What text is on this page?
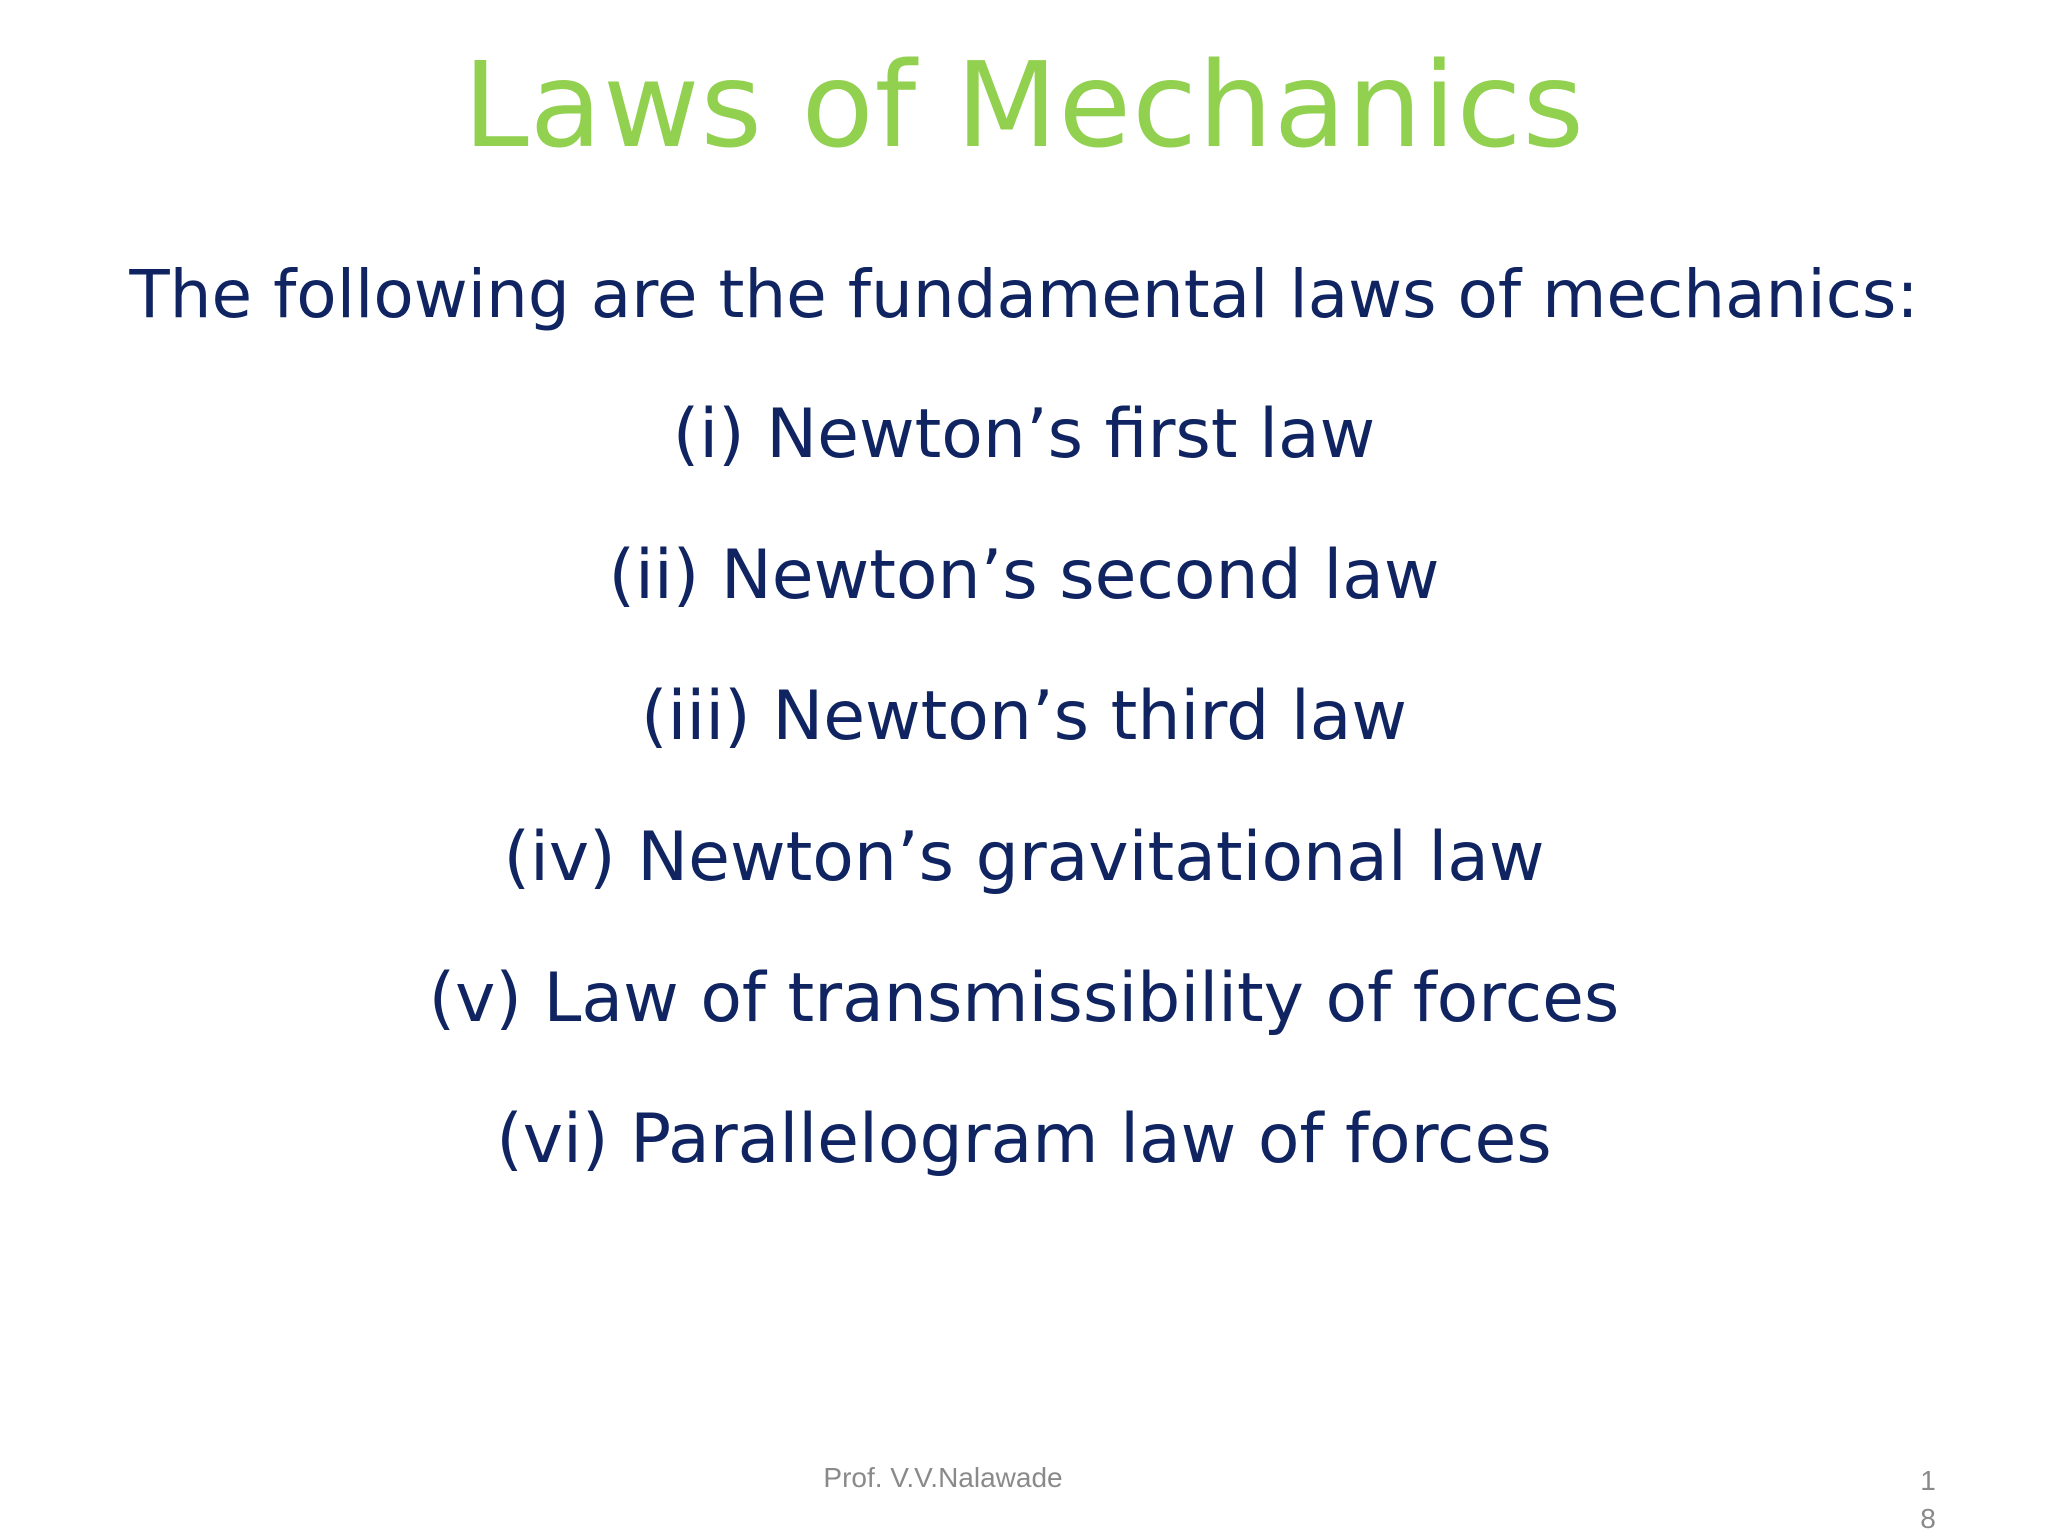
Laws of Mechanics

The following are the fundamental laws of mechanics:

(i) Newton’s first law
(ii) Newton’s second law
(iii) Newton’s third law
(iv) Newton’s gravitational law
(v) Law of transmissibility of forces
(vi) Parallelogram law of forces
Prof. V.V.Nalawade	18
